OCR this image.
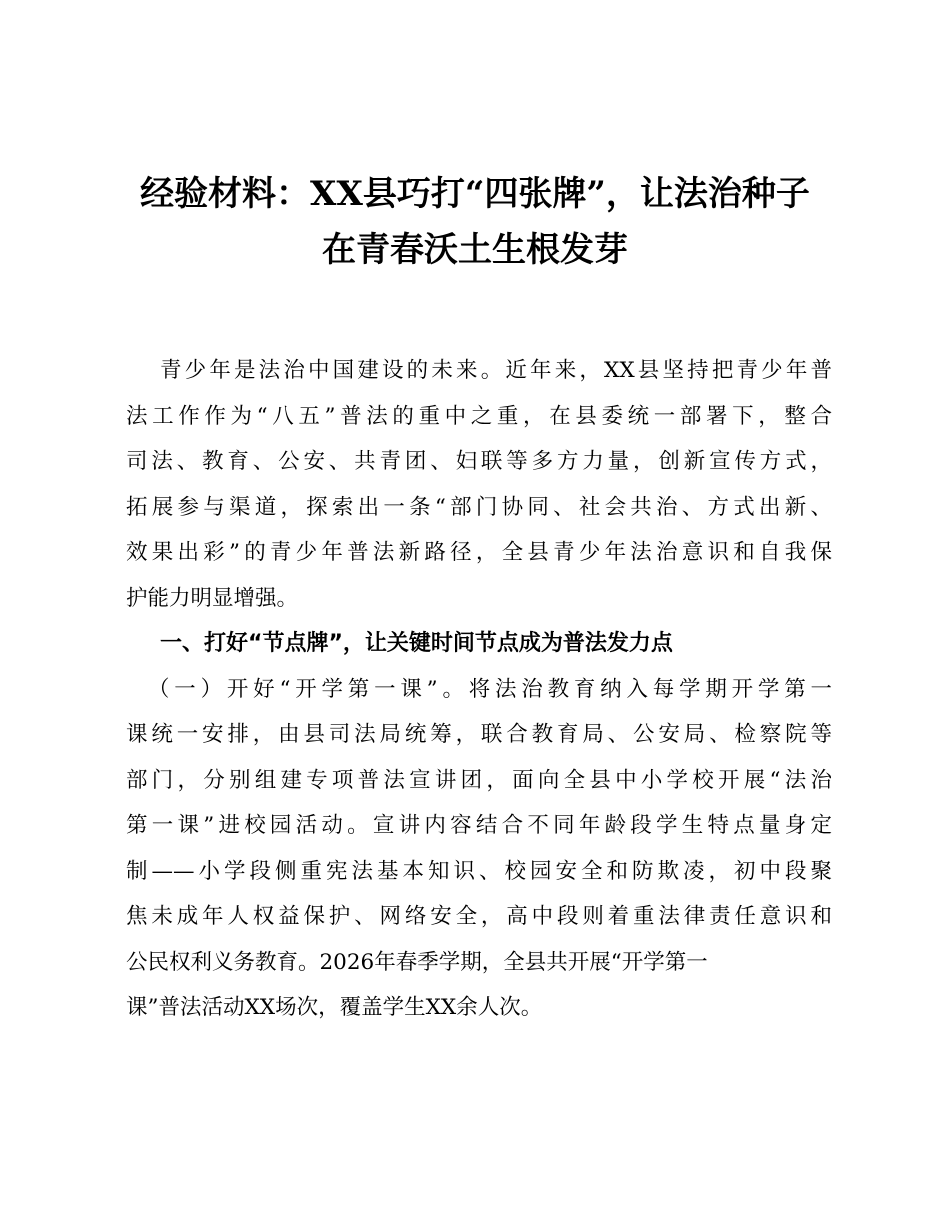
经验材料：XX县巧打“四张牌”，让法治种子
在青春沃土生根发芽
青少年是法治中国建设的未来。近年来，XX县坚持把青少年普
法工作作为“八五”普法的重中之重，在县委统一部署下，整合
司法、教育、公安、共青团、妇联等多方力量，创新宣传方式，
拓展参与渠道，探索出一条“部门协同、社会共治、方式出新、
效果出彩”的青少年普法新路径，全县青少年法治意识和自我保
护能力明显增强。
一、打好“节点牌”，让关键时间节点成为普法发力点
（一）开好“开学第一课”。将法治教育纳入每学期开学第一
课统一安排，由县司法局统筹，联合教育局、公安局、检察院等
部门，分别组建专项普法宣讲团，面向全县中小学校开展“法治
第一课”进校园活动。宣讲内容结合不同年龄段学生特点量身定
制——小学段侧重宪法基本知识、校园安全和防欺凌，初中段聚
焦未成年人权益保护、网络安全，高中段则着重法律责任意识和
公民权利义务教育。2026年春季学期，全县共开展“开学第一
课”普法活动XX场次，覆盖学生XX余人次。
